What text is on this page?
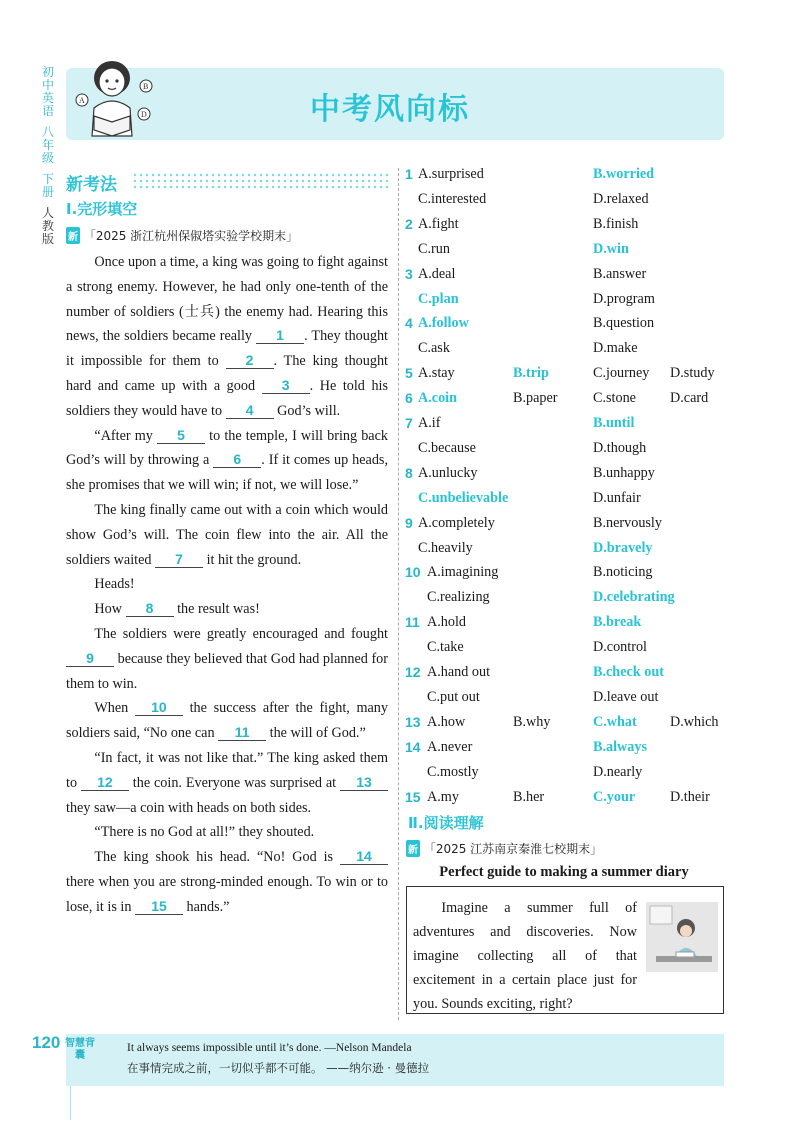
中考风向标
A
B
D
初
中
英
语
八
年
级
下
册
人
教
版
新考法
Ⅰ.完形填空
新 「2025 浙江杭州保俶塔实验学校期末」

Once upon a time, a king was going to fight against a strong enemy. However, he had only one-tenth of the number of soldiers (士兵) the enemy had. Hearing this news, the soldiers became really 1 . They thought it impossible for them to 2 . The king thought hard and came up with a good 3 . He told his soldiers they would have to 4 God’s will.

“After my 5 to the temple, I will bring back God’s will by throwing a 6 . If it comes up heads, she promises that we will win; if not, we will lose.”

The king finally came out with a coin which would show God’s will. The coin flew into the air. All the soldiers waited 7 it hit the ground.

Heads!

How 8 the result was!

The soldiers were greatly encouraged and fought 9 because they believed that God had planned for them to win.

When 10 the success after the fight, many soldiers said, “No one can 11 the will of God.”

“In fact, it was not like that.” The king asked them to 12 the coin. Everyone was surprised at 13 they saw—a coin with heads on both sides.

“There is no God at all!” they shouted.

The king shook his head. “No! God is 14 there when you are strong-minded enough. To win or to lose, it is in 15 hands.”

1 A.surprised	B.worried
C.interested	D.relaxed
2 A.fight	B.finish
C.run	D.win
3 A.deal	B.answer
C.plan	D.program
4 A.follow	B.question
C.ask	D.make
5 A.stay	B.trip	C.journey D.study
6 A.coin	B.paper C.stone D.card
7 A.if	B.until
C.because	D.though
8 A.unlucky	B.unhappy
C.unbelievable	D.unfair
9 A.completely	B.nervously
C.heavily	D.bravely
10 A.imagining	B.noticing
C.realizing	D.celebrating
11 A.hold	B.break
C.take	D.control
12 A.hand out	B.check out
C.put out	D.leave out
13 A.how	B.why	C.what D.which
14 A.never	B.always
C.mostly	D.nearly
15 A.my	B.her	C.your D.their
Ⅱ.阅读理解
新 「2025 江苏南京秦淮七校期末」
Perfect guide to making a summer diary

Imagine a summer full of adventures and discoveries. Now imagine collecting all of that excitement in a certain place just for you. Sounds exciting, right?

120 智慧背囊
It always seems impossible until it’s done. —Nelson Mandela
在事情完成之前，一切似乎都不可能。 ——纳尔逊 · 曼德拉
